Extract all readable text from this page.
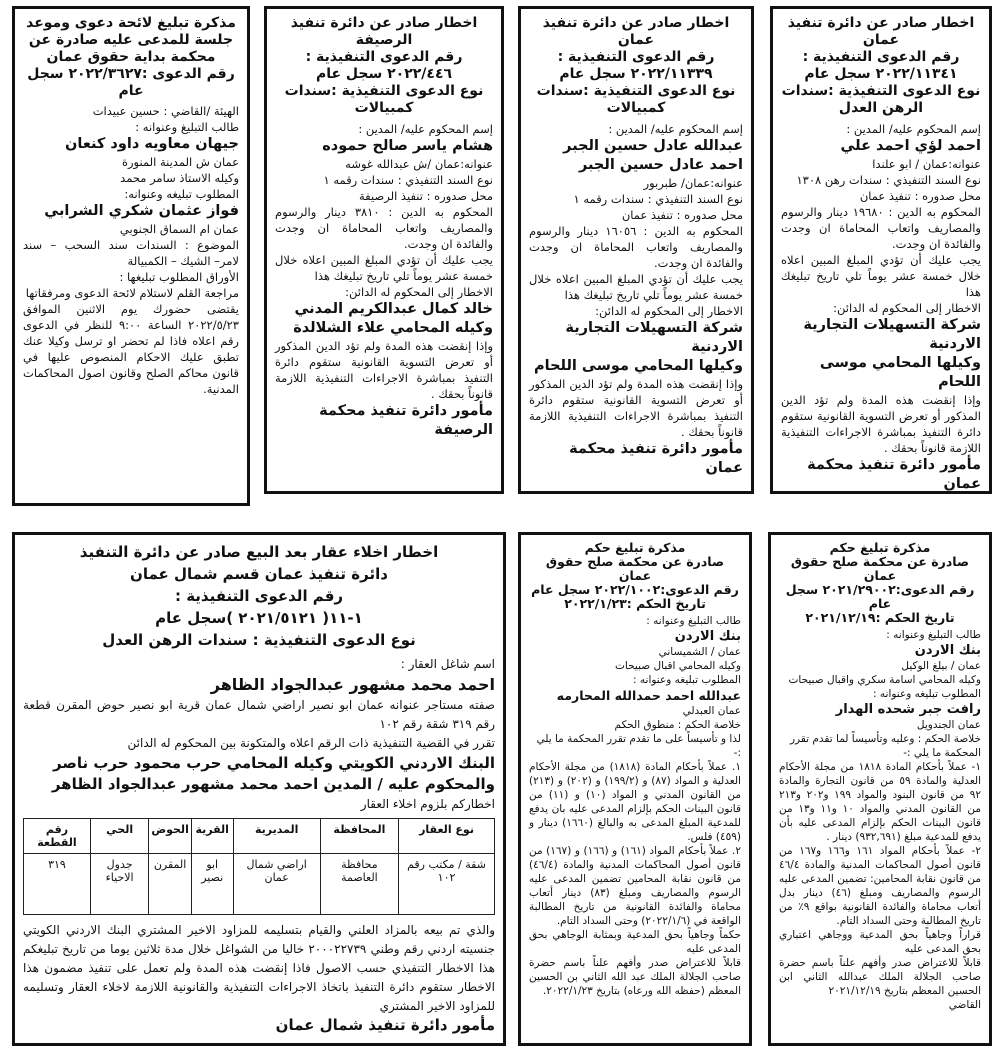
اخطار صادر عن دائرة تنفيذ عمان

رقم الدعوى التنفيذية :

٢٠٢٢/١١٣٤١ سجل عام

نوع الدعوى التنفيذية :سندات الرهن العدل

إسم المحكوم عليه/ المدين :

احمد لؤي احمد علي

عنوانه:عمان / ابو علندا

نوع السند التنفيذي : سندات رهن ١٣٠٨

محل صدوره : تنفيذ عمان

المحكوم به الدين : ١٩٦٨٠ دينار والرسوم والمصاريف واتعاب المحاماة ان وجدت والفائدة ان وجدت.

يجب عليك أن تؤدي المبلغ المبين اعلاه خلال خمسة عشر يوماً تلي تاريخ تبليغك هذا

الاخطار إلى المحكوم له الدائن:

شركة التسهيلات التجارية الاردنية

وكيلها المحامي موسى اللحام

وإذا إنقضت هذه المدة ولم تؤد الدين المذكور أو تعرض التسوية القانونية ستقوم دائرة التنفيذ بمباشرة الاجراءات التنفيذية اللازمة قانوناً بحقك .

مأمور دائرة تنفيذ محكمة عمان

اخطار صادر عن دائرة تنفيذ عمان

رقم الدعوى التنفيذية :

٢٠٢٢/١١٣٣٩ سجل عام

نوع الدعوى التنفيذية :سندات كمبيالات

إسم المحكوم عليه/ المدين :

عبدالله عادل حسين الجبر

احمد عادل حسين الجبر

عنوانه:عمان/ طبربور

نوع السند التنفيذي : سندات رقمه ١

محل صدوره : تنفيذ عمان

المحكوم به الدين : ١٦٠٥٦ دينار والرسوم والمصاريف واتعاب المحاماة ان وجدت والفائدة ان وجدت.

يجب عليك أن تؤدي المبلغ المبين اعلاه خلال خمسة عشر يوماً تلي تاريخ تبليغك هذا

الاخطار إلى المحكوم له الدائن:

شركة التسهيلات التجارية الاردنية

وكيلها المحامي موسى اللحام

وإذا إنقضت هذه المدة ولم تؤد الدين المذكور أو تعرض التسوية القانونية ستقوم دائرة التنفيذ بمباشرة الاجراءات التنفيذية اللازمة قانوناً بحقك .

مأمور دائرة تنفيذ محكمة عمان

اخطار صادر عن دائرة تنفيذ الرصيفة

رقم الدعوى التنفيذية :

٢٠٢٢/٤٤٦ سجل عام

نوع الدعوى التنفيذية :سندات كمبيالات

إسم المحكوم عليه/ المدين :

هشام ياسر صالح حموده

عنوانه:عمان /ش عبدالله غوشه

نوع السند التنفيذي : سندات رقمه ١

محل صدوره : تنفيذ الرصيفة

المحكوم به الدين : ٣٨١٠ دينار والرسوم والمصاريف واتعاب المحاماة ان وجدت والفائدة ان وجدت.

يجب عليك أن تؤدي المبلغ المبين اعلاه خلال خمسة عشر يوماً تلي تاريخ تبليغك هذا

الاخطار إلى المحكوم له الدائن:

خالد كمال عبدالكريم المدني

وكيله المحامي علاء الشلالدة

وإذا إنقضت هذه المدة ولم تؤد الدين المذكور أو تعرض التسوية القانونية ستقوم دائرة التنفيذ بمباشرة الاجراءات التنفيذية اللازمة قانوناً بحقك .

مأمور دائرة تنفيذ محكمة الرصيفة

مذكرة تبليغ لائحة دعوى وموعد جلسة للمدعى عليه صادرة عن محكمة بداية حقوق عمان

رقم الدعوى :٢٠٢٢/٣٦٢٧ سجل عام

الهيئة /القاضي : حسين عبيدات

طالب التبليغ وعنوانه :

جيهان معاويه داود كنعان

عمان ش المدينة المنورة

وكيله الاستاذ سامر محمد

المطلوب تبليغه وعنوانه:

فواز عثمان شكري الشرابي

عمان ام السماق الجنوبي

الموضوع : السندات سند السحب – سند لامر– الشيك – الكمبيالة

الأوراق المطلوب تبليغها :

مراجعة القلم لاستلام لائحة الدعوى ومرفقاتها

يقتضى حضورك يوم الاثنين الموافق ٢٠٢٢/٥/٢٣ الساعة ٩:٠٠ للنظر في الدعوى رقم اعلاه فاذا لم تحضر او ترسل وكيلا عنك تطبق عليك الاحكام المنصوص عليها في قانون محاكم الصلح وقانون اصول المحاكمات المدنية.

مذكرة تبليغ حكم

صادرة عن محكمة صلح حقوق عمان

رقم الدعوى:٢٠٢١/٢٩٠٠٢ سجل عام

تاريخ الحكم :٢٠٢١/١٢/١٩

طالب التبليغ وعنوانه :

بنك الاردن

عمان / بيلغ الوكيل

وكيله المحامي اسامة سكري واقبال صبيحات

المطلوب تبليغه وعنوانه :

رافت جبر شحده الهدار

عمان الجندويل

خلاصة الحكم : وعليه وتأسيساً لما تقدم تقرر المحكمة ما يلي :-

١- عملاً بأحكام المادة ١٨١٨ من مجلة الأحكام العدلية والمادة ٥٩ من قانون التجارة والمادة ٩٢ من قانون البنود والمواد ١٩٩ و٢٠٢ و٢١٣ من القانون المدني والمواد ١٠ و١١ و١٣ من قانون البينات الحكم بإلزام المدعى عليه بأن يدفع للمدعية مبلغ (٩٣٢,٦٩١) دينار .

٢- عملاً بأحكام المواد ١٦١ و١٦٦ و١٦٧ من قانون أصول المحاكمات المدنية والمادة ٤٦/٤ من قانون نقابة المحامين: تضمين المدعى عليه الرسوم والمصاريف ومبلغ (٤٦) دينار بدل أتعاب محاماة والفائدة القانونية بواقع ٩٪ من تاريخ المطالبة وحتى السداد التام.

قراراً وجاهياً بحق المدعية ووجاهي اعتباري بحق المدعى عليه

قابلاً للاعتراض صدر وأفهم علناً باسم حضرة صاحب الجلالة الملك عبدالله الثاني ابن الحسين المعظم بتاريخ ٢٠٢١/١٢/١٩

القاضي

مذكرة تبليغ حكم

صادرة عن محكمة صلح حقوق عمان

رقم الدعوى:٢٠٢٢/١٠٠٢ سجل عام

تاريخ الحكم :٢٠٢٢/١/٢٣

طالب التبليغ وعنوانه :

بنك الاردن

عمان / الشميساني

وكيله المحامي اقبال صبيحات

المطلوب تبليغه وعنوانه :

عبدالله احمد حمدالله المحارمه

عمان العبدلي

خلاصة الحكم : منطوق الحكم

لذا و تأسيساً على ما تقدم تقرر المحكمة ما يلي :-

١. عملاً بأحكام المادة (١٨١٨) من مجلة الأحكام العدلية و المواد (٨٧) و (١٩٩/٢) و (٢٠٢) و (٢١٣) من القانون المدني و المواد (١٠) و (١١) من قانون البينات الحكم بإلزام المدعى عليه بان يدفع للمدعية المبلغ المدعى به والبالغ (١٦٦٠) دينار و (٤٥٩) فلس.

٢. عملاً بأحكام المواد (١٦١) و (١٦٦) و (١٦٧) من قانون أصول المحاكمات المدنية والمادة (٤٦/٤) من قانون نقابة المحامين تضمين المدعى عليه الرسوم والمصاريف ومبلغ (٨٣) دينار أتعاب محاماة والفائدة القانونية من تاريخ المطالبة الواقعة في (٢٠٢٢/١/٦) وحتى السداد التام.

حكماً وجاهياً بحق المدعية وبمثابة الوجاهي بحق المدعى عليه

قابلاً للاعتراض صدر وأفهم علناً باسم حضرة صاحب الجلالة الملك عبد الله الثاني بن الحسين المعظم (حفظه الله ورعاه) بتاريخ ٢٠٢٢/١/٢٣.

اخطار اخلاء عقار بعد البيع صادر عن دائرة التنفيذ

دائرة تنفيذ عمان قسم شمال عمان

رقم الدعوى التنفيذية :

١-١١( ٢٠٢١/٥١٢١ )سجل عام

نوع الدعوى التنفيذية : سندات الرهن العدل

اسم شاغل العقار :

احمد محمد مشهور عبدالجواد الظاهر

صفته مستاجر عنوانه عمان ابو نصير اراضي شمال عمان قرية ابو نصير حوض المقرن قطعة رقم ٣١٩ شقة رقم ١٠٢

تقرر في القضية التنفيذية ذات الرقم اعلاه والمتكونة بين المحكوم له الدائن

البنك الاردني الكويتي وكيله المحامي حرب محمود حرب ناصر

والمحكوم عليه / المدين احمد محمد مشهور عبدالجواد الظاهر

اخطاركم بلزوم اخلاء العقار

نوع العقار	المحافظة	المديرية	القرية	الحوض	الحي	رقم القطعة
شقة / مكتب رقم ١٠٢	محافظة العاصمة	اراضي شمال عمان	ابو نصير	المقرن	جدول الاحياء	٣١٩

والذي تم بيعه بالمزاد العلني والقيام بتسليمه للمزاود الاخير المشتري البنك الاردني الكويتي جنسيته اردني رقم وطني ٢٠٠٠٢٢٧٣٩ خاليا من الشواغل خلال مدة ثلاثين يوما من تاريخ تبليغكم هذا الاخطار التنفيذي حسب الاصول فاذا إنقضت هذه المدة ولم تعمل على تنفيذ مضمون هذا الاخطار ستقوم دائرة التنفيذ باتخاذ الاجراءات التنفيذية والقانونية اللازمة لاخلاء العقار وتسليمه للمزاود الاخير المشتري

مأمور دائرة تنفيذ شمال عمان
